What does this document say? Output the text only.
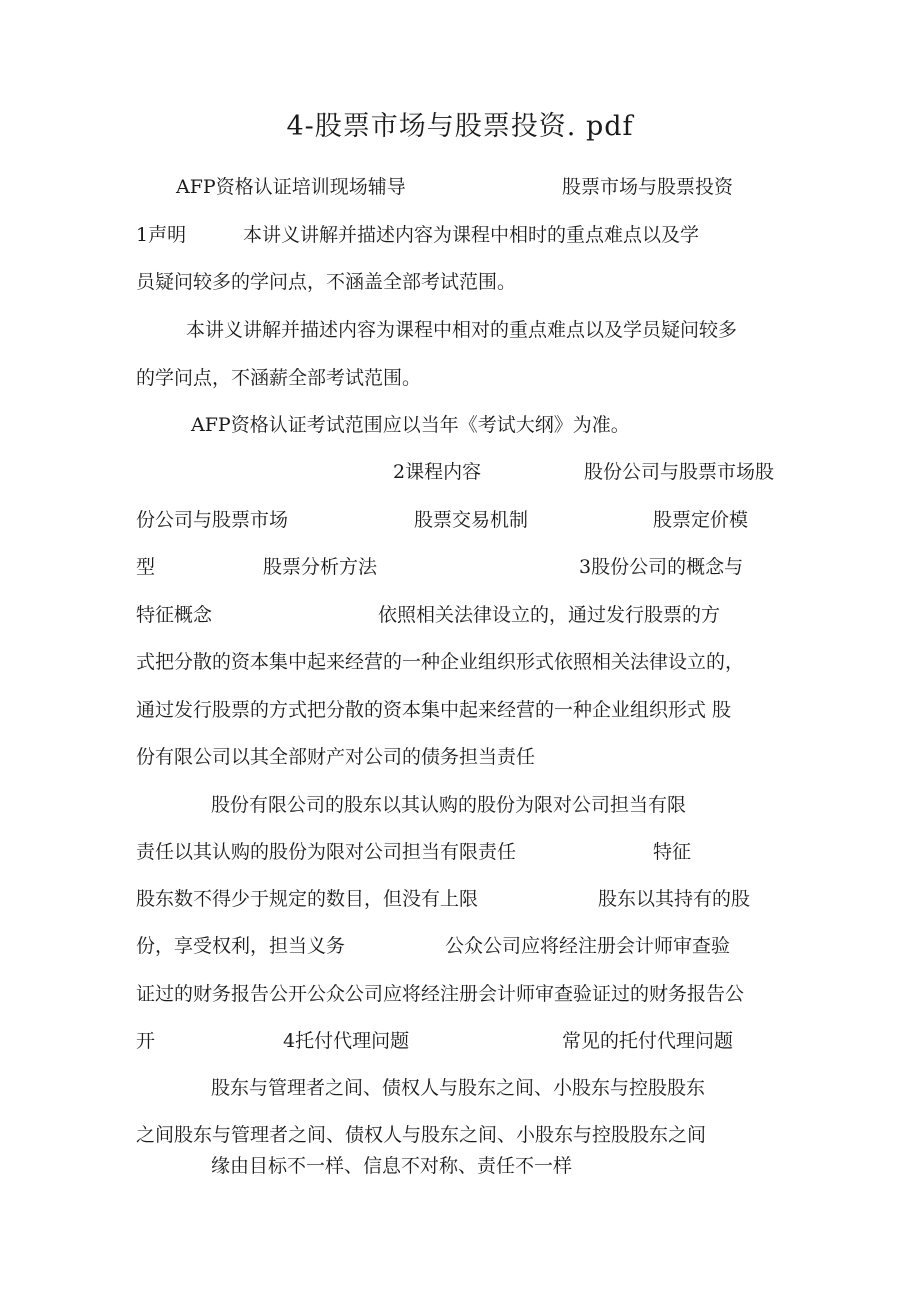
4-股票市场与股票投资. pdf
AFP资格认证培训现场辅导	股票市场与股票投资
1声明	本讲义讲解并描述内容为课程中相时的重点难点以及学
员疑问较多的学问点，不涵盖全部考试范围。
本讲义讲解并描述内容为课程中相对的重点难点以及学员疑问较多
的学问点，不涵薪全部考试范围。
AFP资格认证考试范围应以当年《考试大纲》为准。
2课程内容	股份公司与股票市场股
份公司与股票市场	股票交易机制	股票定价模
型	股票分析方法	3股份公司的概念与
特征概念	依照相关法律设立的，通过发行股票的方
式把分散的资本集中起来经营的一种企业组织形式依照相关法律设立的，
通过发行股票的方式把分散的资本集中起来经营的一种企业组织形式 股
份有限公司以其全部财产对公司的债务担当责任
股份有限公司的股东以其认购的股份为限对公司担当有限
责任以其认购的股份为限对公司担当有限责任	特征
股东数不得少于规定的数目，但没有上限	股东以其持有的股
份，享受权利，担当义务	公众公司应将经注册会计师审查验
证过的财务报告公开公众公司应将经注册会计师审查验证过的财务报告公
开	4托付代理问题	常见的托付代理问题
股东与管理者之间、债权人与股东之间、小股东与控股股东
之间股东与管理者之间、债权人与股东之间、小股东与控股股东之间
缘由目标不一样、信息不对称、责任不一样
